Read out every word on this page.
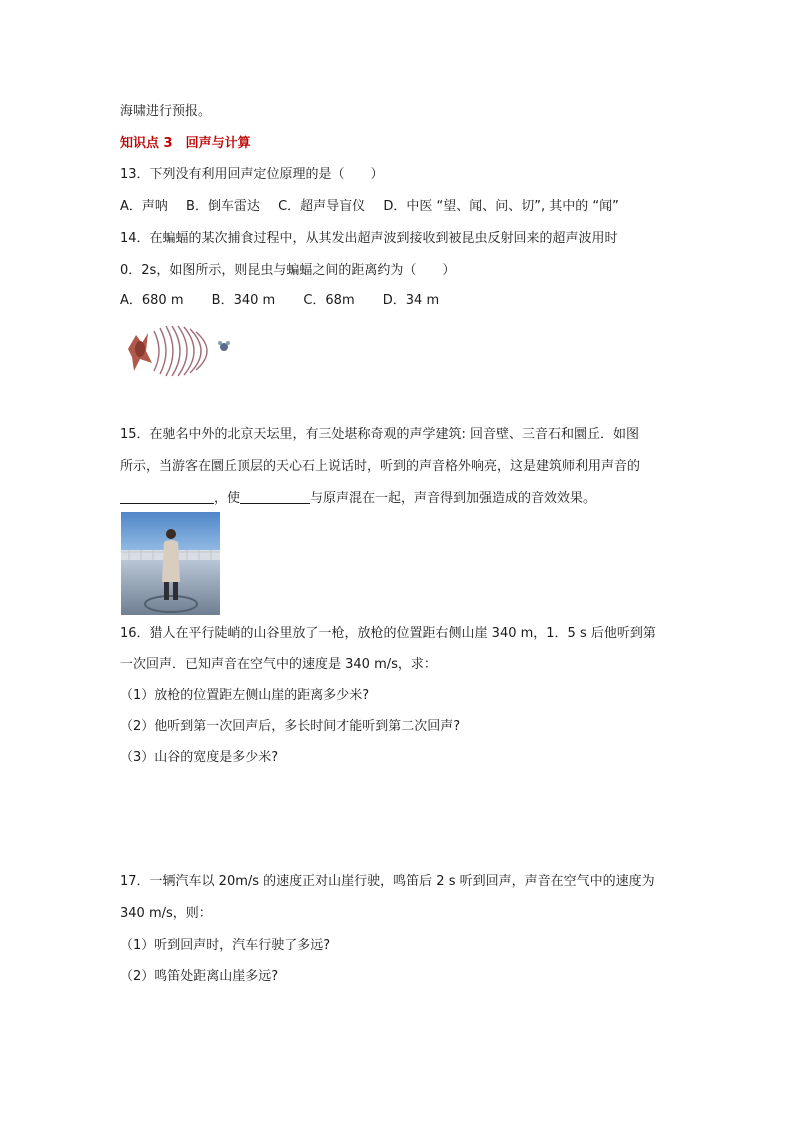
海啸进行预报。
知识点 3　回声与计算
13．下列没有利用回声定位原理的是（　　）
A．声呐 B．倒车雷达 C．超声导盲仪 D．中医 “望、闻、问、切”, 其中的 “闻”
14．在蝙蝠的某次捕食过程中，从其发出超声波到接收到被昆虫反射回来的超声波用时
0．2s，如图所示，则昆虫与蝙蝠之间的距离约为（　　）
A．680 m B．340 m C．68m D．34 m
15．在驰名中外的北京天坛里，有三处堪称奇观的声学建筑: 回音壁、三音石和圜丘．如图
所示，当游客在圜丘顶层的天心石上说话时，听到的声音格外响亮，这是建筑师利用声音的
，使	与原声混在一起，声音得到加强造成的音效效果。
16．猎人在平行陡峭的山谷里放了一枪，放枪的位置距右侧山崖 340 m，1．5 s 后他听到第
一次回声．已知声音在空气中的速度是 340 m/s，求：
（1）放枪的位置距左侧山崖的距离多少米?
（2）他听到第一次回声后，多长时间才能听到第二次回声?
（3）山谷的宽度是多少米?
17．一辆汽车以 20m/s 的速度正对山崖行驶，鸣笛后 2 s 听到回声，声音在空气中的速度为
340 m/s，则：
（1）听到回声时，汽车行驶了多远?
（2）鸣笛处距离山崖多远?
